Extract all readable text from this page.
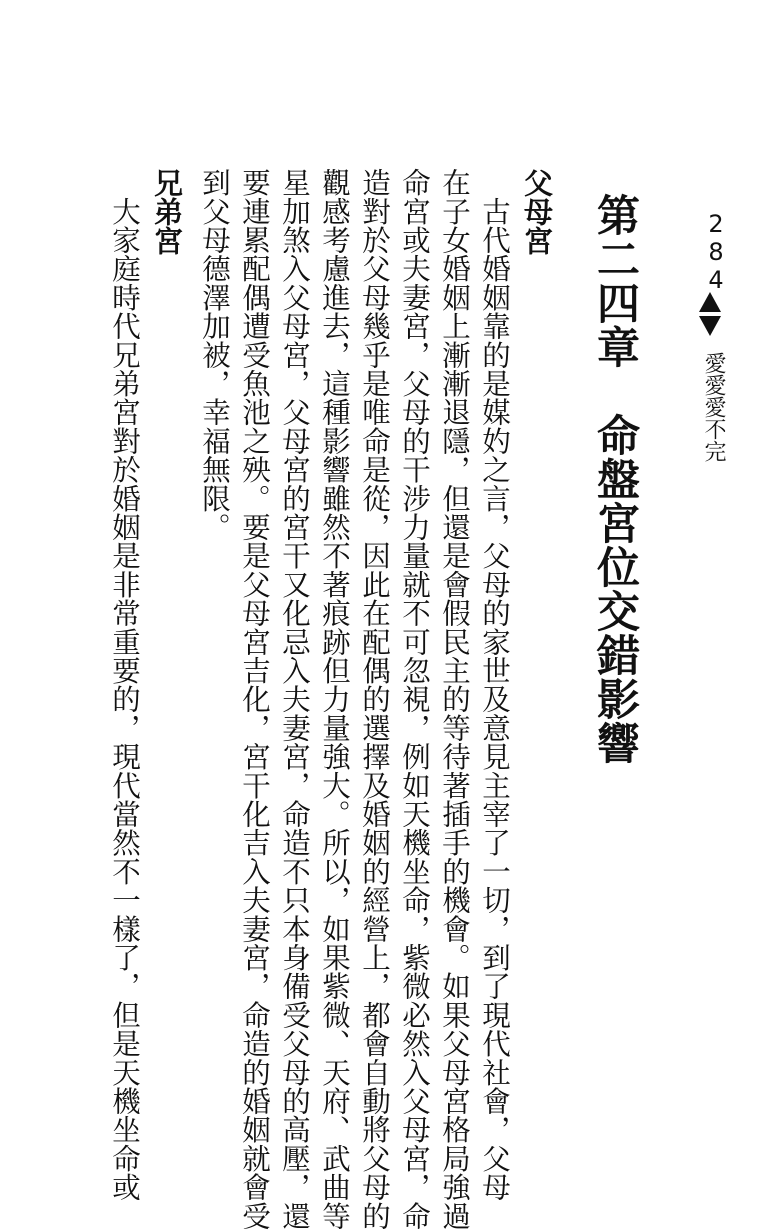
284
愛愛愛不完
第二四章　命盤宮位交錯影響
父母宮
　古代婚姻靠的是媒妁之言，父母的家世及意見主宰了一切，到了現代社會，父母
在子女婚姻上漸漸退隱，但還是會假民主的等待著插手的機會。如果父母宮格局強過
命宮或夫妻宮，父母的干涉力量就不可忽視，例如天機坐命，紫微必然入父母宮，命
造對於父母幾乎是唯命是從，因此在配偶的選擇及婚姻的經營上，都會自動將父母的
觀感考慮進去，這種影響雖然不著痕跡但力量強大。所以，如果紫微、天府、武曲等
星加煞入父母宮，父母宮的宮干又化忌入夫妻宮，命造不只本身備受父母的高壓，還
要連累配偶遭受魚池之殃。要是父母宮吉化，宮干化吉入夫妻宮，命造的婚姻就會受
到父母德澤加被，幸福無限。
兄弟宮
　大家庭時代兄弟宮對於婚姻是非常重要的，現代當然不一樣了，但是天機坐命或
